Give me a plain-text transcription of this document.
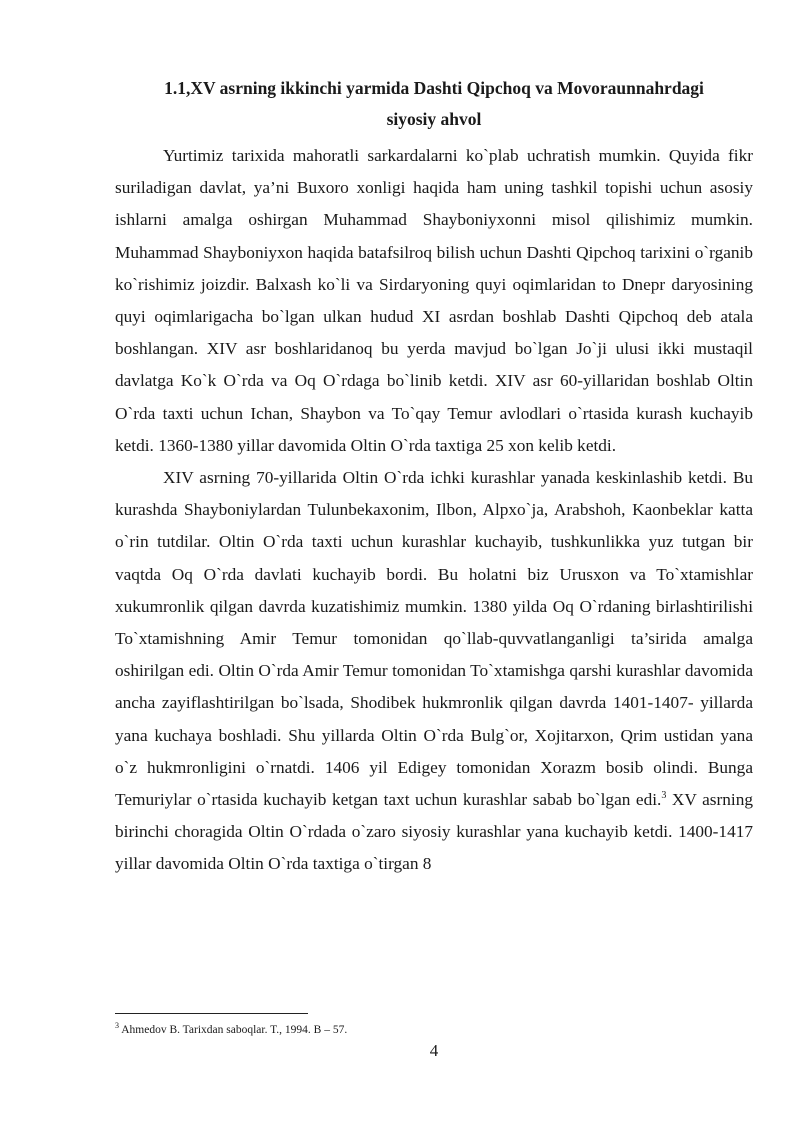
1.1,XV asrning ikkinchi yarmida Dashti Qipchoq va Movoraunnahrdagi
siyosiy ahvol

Yurtimiz tarixida mahoratli sarkardalarni ko`plab uchratish mumkin. Quyida fikr suriladigan davlat, ya’ni Buxoro xonligi haqida ham uning tashkil topishi uchun asosiy ishlarni amalga oshirgan Muhammad Shayboniyxonni misol qilishimiz mumkin. Muhammad Shayboniyxon haqida batafsilroq bilish uchun Dashti Qipchoq tarixini o`rganib ko`rishimiz joizdir. Balxash ko`li va Sirdaryoning quyi oqimlaridan to Dnepr daryosining quyi oqimlarigacha bo`lgan ulkan hudud XI asrdan boshlab Dashti Qipchoq deb atala boshlangan. XIV asr boshlaridanoq bu yerda mavjud bo`lgan Jo`ji ulusi ikki mustaqil davlatga Ko`k O`rda va Oq O`rdaga bo`linib ketdi. XIV asr 60-yillaridan boshlab Oltin O`rda taxti uchun Ichan, Shaybon va To`qay Temur avlodlari o`rtasida kurash kuchayib ketdi. 1360-1380 yillar davomida Oltin O`rda taxtiga 25 xon kelib ketdi.

XIV asrning 70-yillarida Oltin O`rda ichki kurashlar yanada keskinlashib ketdi. Bu kurashda Shayboniylardan Tulunbekaxonim, Ilbon, Alpxo`ja, Arabshoh, Kaonbeklar katta o`rin tutdilar. Oltin O`rda taxti uchun kurashlar kuchayib, tushkunlikka yuz tutgan bir vaqtda Oq O`rda davlati kuchayib bordi. Bu holatni biz Urusxon va To`xtamishlar xukumronlik qilgan davrda kuzatishimiz mumkin. 1380 yilda Oq O`rdaning birlashtirilishi To`xtamishning Amir Temur tomonidan qo`llab-quvvatlanganligi ta’sirida amalga oshirilgan edi. Oltin O`rda Amir Temur tomonidan To`xtamishga qarshi kurashlar davomida ancha zayiflashtirilgan bo`lsada, Shodibek hukmronlik qilgan davrda 1401-1407- yillarda yana kuchaya boshladi. Shu yillarda Oltin O`rda Bulg`or, Xojitarxon, Qrim ustidan yana o`z hukmronligini o`rnatdi. 1406 yil Edigey tomonidan Xorazm bosib olindi. Bunga Temuriylar o`rtasida kuchayib ketgan taxt uchun kurashlar sabab bo`lgan edi.$^3$ XV asrning birinchi choragida Oltin O`rdada o`zaro siyosiy kurashlar yana kuchayib ketdi. 1400-1417 yillar davomida Oltin O`rda taxtiga o`tirgan 8

$^3$ Ahmedov B. Tarixdan saboqlar. T., 1994. B – 57.
4
